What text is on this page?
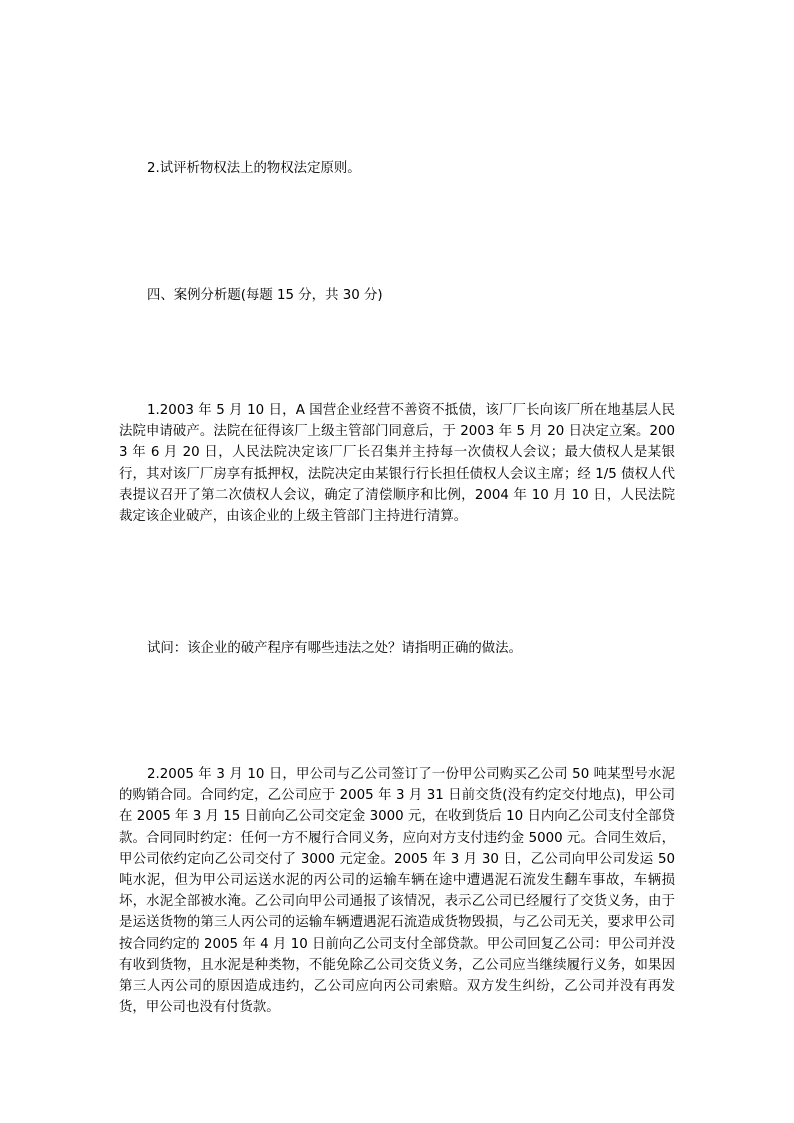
2.试评析物权法上的物权法定原则。

四、案例分析题(每题 15 分，共 30 分)

1.2003 年 5 月 10 日，A 国营企业经营不善资不抵债，该厂厂长向该厂所在地基层人民法院申请破产。法院在征得该厂上级主管部门同意后，于 2003 年 5 月 20 日决定立案。2003 年 6 月 20 日，人民法院决定该厂厂长召集并主持每一次债权人会议；最大债权人是某银行，其对该厂厂房享有抵押权，法院决定由某银行行长担任债权人会议主席；经 1/5 债权人代表提议召开了第二次债权人会议，确定了清偿顺序和比例，2004 年 10 月 10 日，人民法院裁定该企业破产，由该企业的上级主管部门主持进行清算。

试问：该企业的破产程序有哪些违法之处？请指明正确的做法。

2.2005 年 3 月 10 日，甲公司与乙公司签订了一份甲公司购买乙公司 50 吨某型号水泥的购销合同。合同约定，乙公司应于 2005 年 3 月 31 日前交货(没有约定交付地点)，甲公司在 2005 年 3 月 15 日前向乙公司交定金 3000 元，在收到货后 10 日内向乙公司支付全部贷款。合同同时约定：任何一方不履行合同义务，应向对方支付违约金 5000 元。合同生效后，甲公司依约定向乙公司交付了 3000 元定金。2005 年 3 月 30 日，乙公司向甲公司发运 50 吨水泥，但为甲公司运送水泥的丙公司的运输车辆在途中遭遇泥石流发生翻车事故，车辆损坏，水泥全部被水淹。乙公司向甲公司通报了该情况，表示乙公司已经履行了交货义务，由于是运送货物的第三人丙公司的运输车辆遭遇泥石流造成货物毁损，与乙公司无关，要求甲公司按合同约定的 2005 年 4 月 10 日前向乙公司支付全部贷款。甲公司回复乙公司：甲公司并没有收到货物，且水泥是种类物，不能免除乙公司交货义务，乙公司应当继续履行义务，如果因第三人丙公司的原因造成违约，乙公司应向丙公司索赔。双方发生纠纷，乙公司并没有再发货，甲公司也没有付货款。
